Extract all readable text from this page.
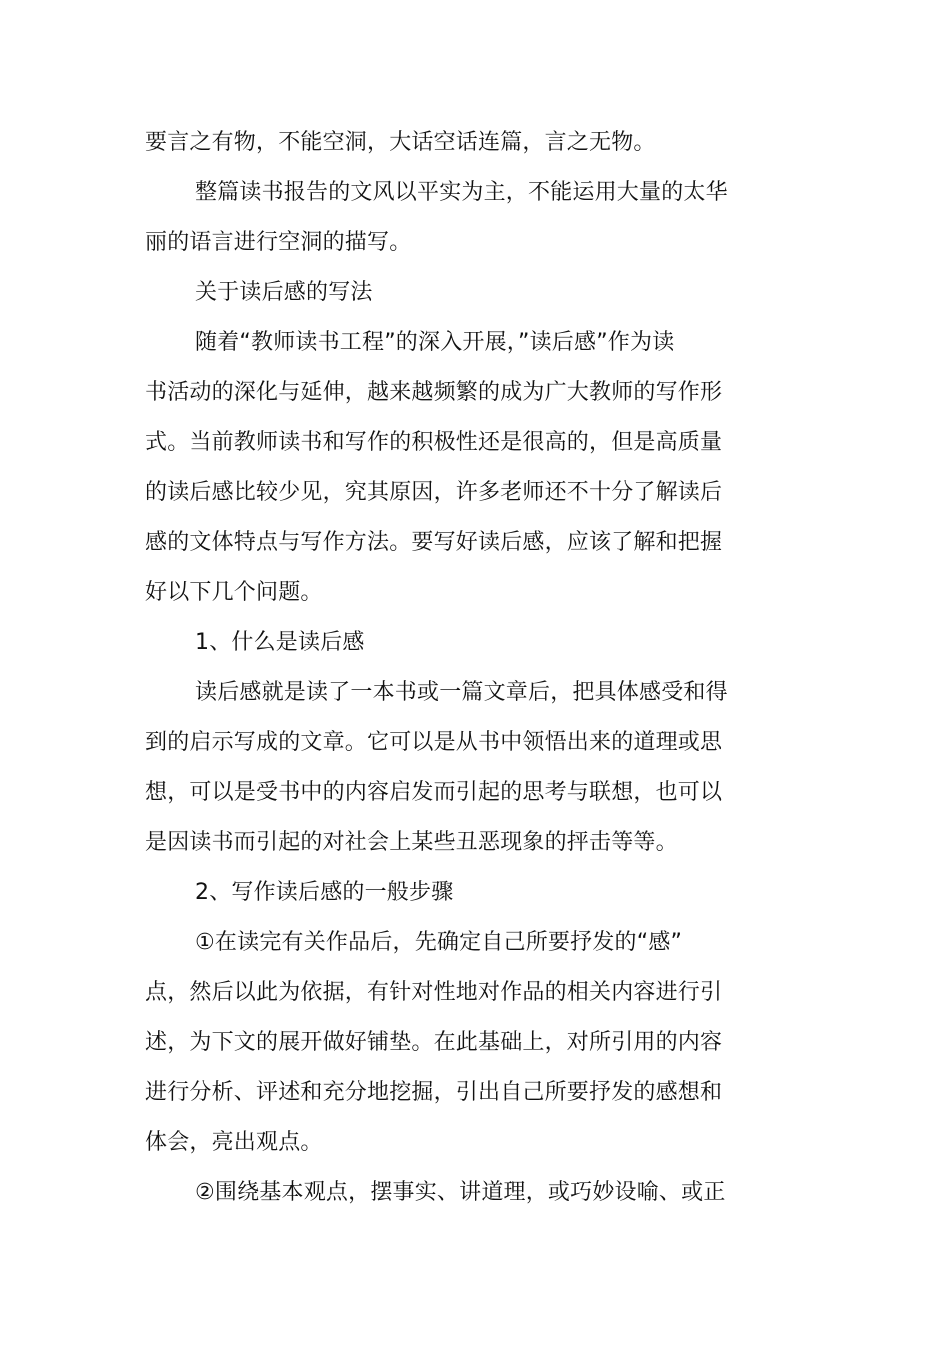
要言之有物，不能空洞，大话空话连篇，言之无物。
整篇读书报告的文风以平实为主，不能运用大量的太华
丽的语言进行空洞的描写。
关于读后感的写法
随着“教师读书工程”的深入开展，”读后感”作为读
书活动的深化与延伸，越来越频繁的成为广大教师的写作形
式。当前教师读书和写作的积极性还是很高的，但是高质量
的读后感比较少见，究其原因，许多老师还不十分了解读后
感的文体特点与写作方法。要写好读后感，应该了解和把握
好以下几个问题。
1、什么是读后感
读后感就是读了一本书或一篇文章后，把具体感受和得
到的启示写成的文章。它可以是从书中领悟出来的道理或思
想，可以是受书中的内容启发而引起的思考与联想，也可以
是因读书而引起的对社会上某些丑恶现象的抨击等等。
2、写作读后感的一般步骤
①在读完有关作品后，先确定自己所要抒发的“感”
点，然后以此为依据，有针对性地对作品的相关内容进行引
述，为下文的展开做好铺垫。在此基础上，对所引用的内容
进行分析、评述和充分地挖掘，引出自己所要抒发的感想和
体会，亮出观点。
②围绕基本观点，摆事实、讲道理，或巧妙设喻、或正
